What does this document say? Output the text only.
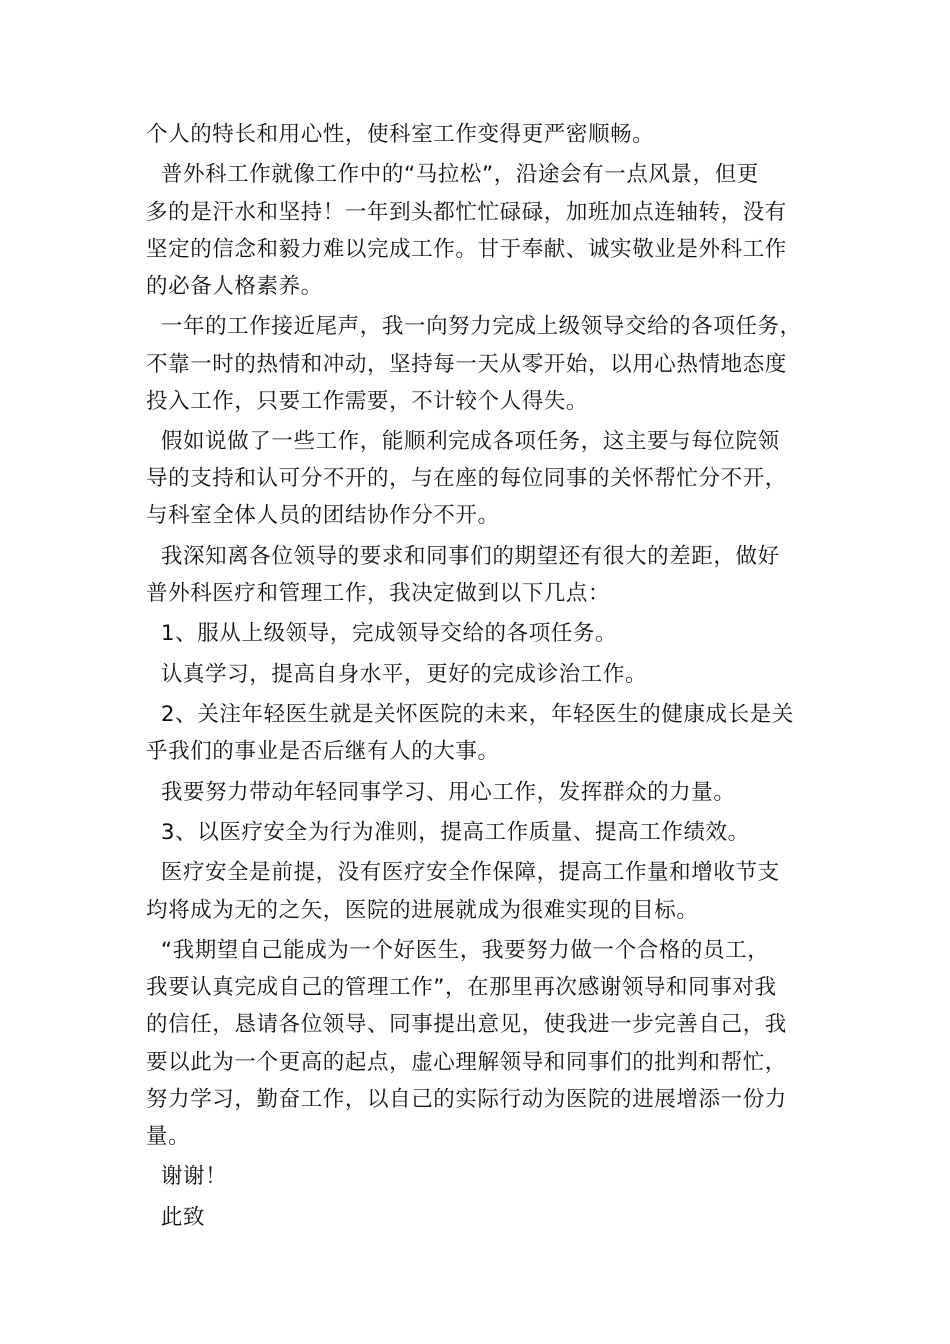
个人的特长和用心性，使科室工作变得更严密顺畅。
普外科工作就像工作中的“马拉松”，沿途会有一点风景，但更
多的是汗水和坚持！一年到头都忙忙碌碌，加班加点连轴转，没有
坚定的信念和毅力难以完成工作。甘于奉献、诚实敬业是外科工作
的必备人格素养。
一年的工作接近尾声，我一向努力完成上级领导交给的各项任务，
不靠一时的热情和冲动，坚持每一天从零开始，以用心热情地态度
投入工作，只要工作需要，不计较个人得失。
假如说做了一些工作，能顺利完成各项任务，这主要与每位院领
导的支持和认可分不开的，与在座的每位同事的关怀帮忙分不开，
与科室全体人员的团结协作分不开。
我深知离各位领导的要求和同事们的期望还有很大的差距，做好
普外科医疗和管理工作，我决定做到以下几点：
1、服从上级领导，完成领导交给的各项任务。
认真学习，提高自身水平，更好的完成诊治工作。
2、关注年轻医生就是关怀医院的未来，年轻医生的健康成长是关
乎我们的事业是否后继有人的大事。
我要努力带动年轻同事学习、用心工作，发挥群众的力量。
3、以医疗安全为行为准则，提高工作质量、提高工作绩效。
医疗安全是前提，没有医疗安全作保障，提高工作量和增收节支
均将成为无的之矢，医院的进展就成为很难实现的目标。
“我期望自己能成为一个好医生，我要努力做一个合格的员工，
我要认真完成自己的管理工作”，在那里再次感谢领导和同事对我
的信任，恳请各位领导、同事提出意见，使我进一步完善自己，我
要以此为一个更高的起点，虚心理解领导和同事们的批判和帮忙，
努力学习，勤奋工作，以自己的实际行动为医院的进展增添一份力
量。
谢谢！
此致
